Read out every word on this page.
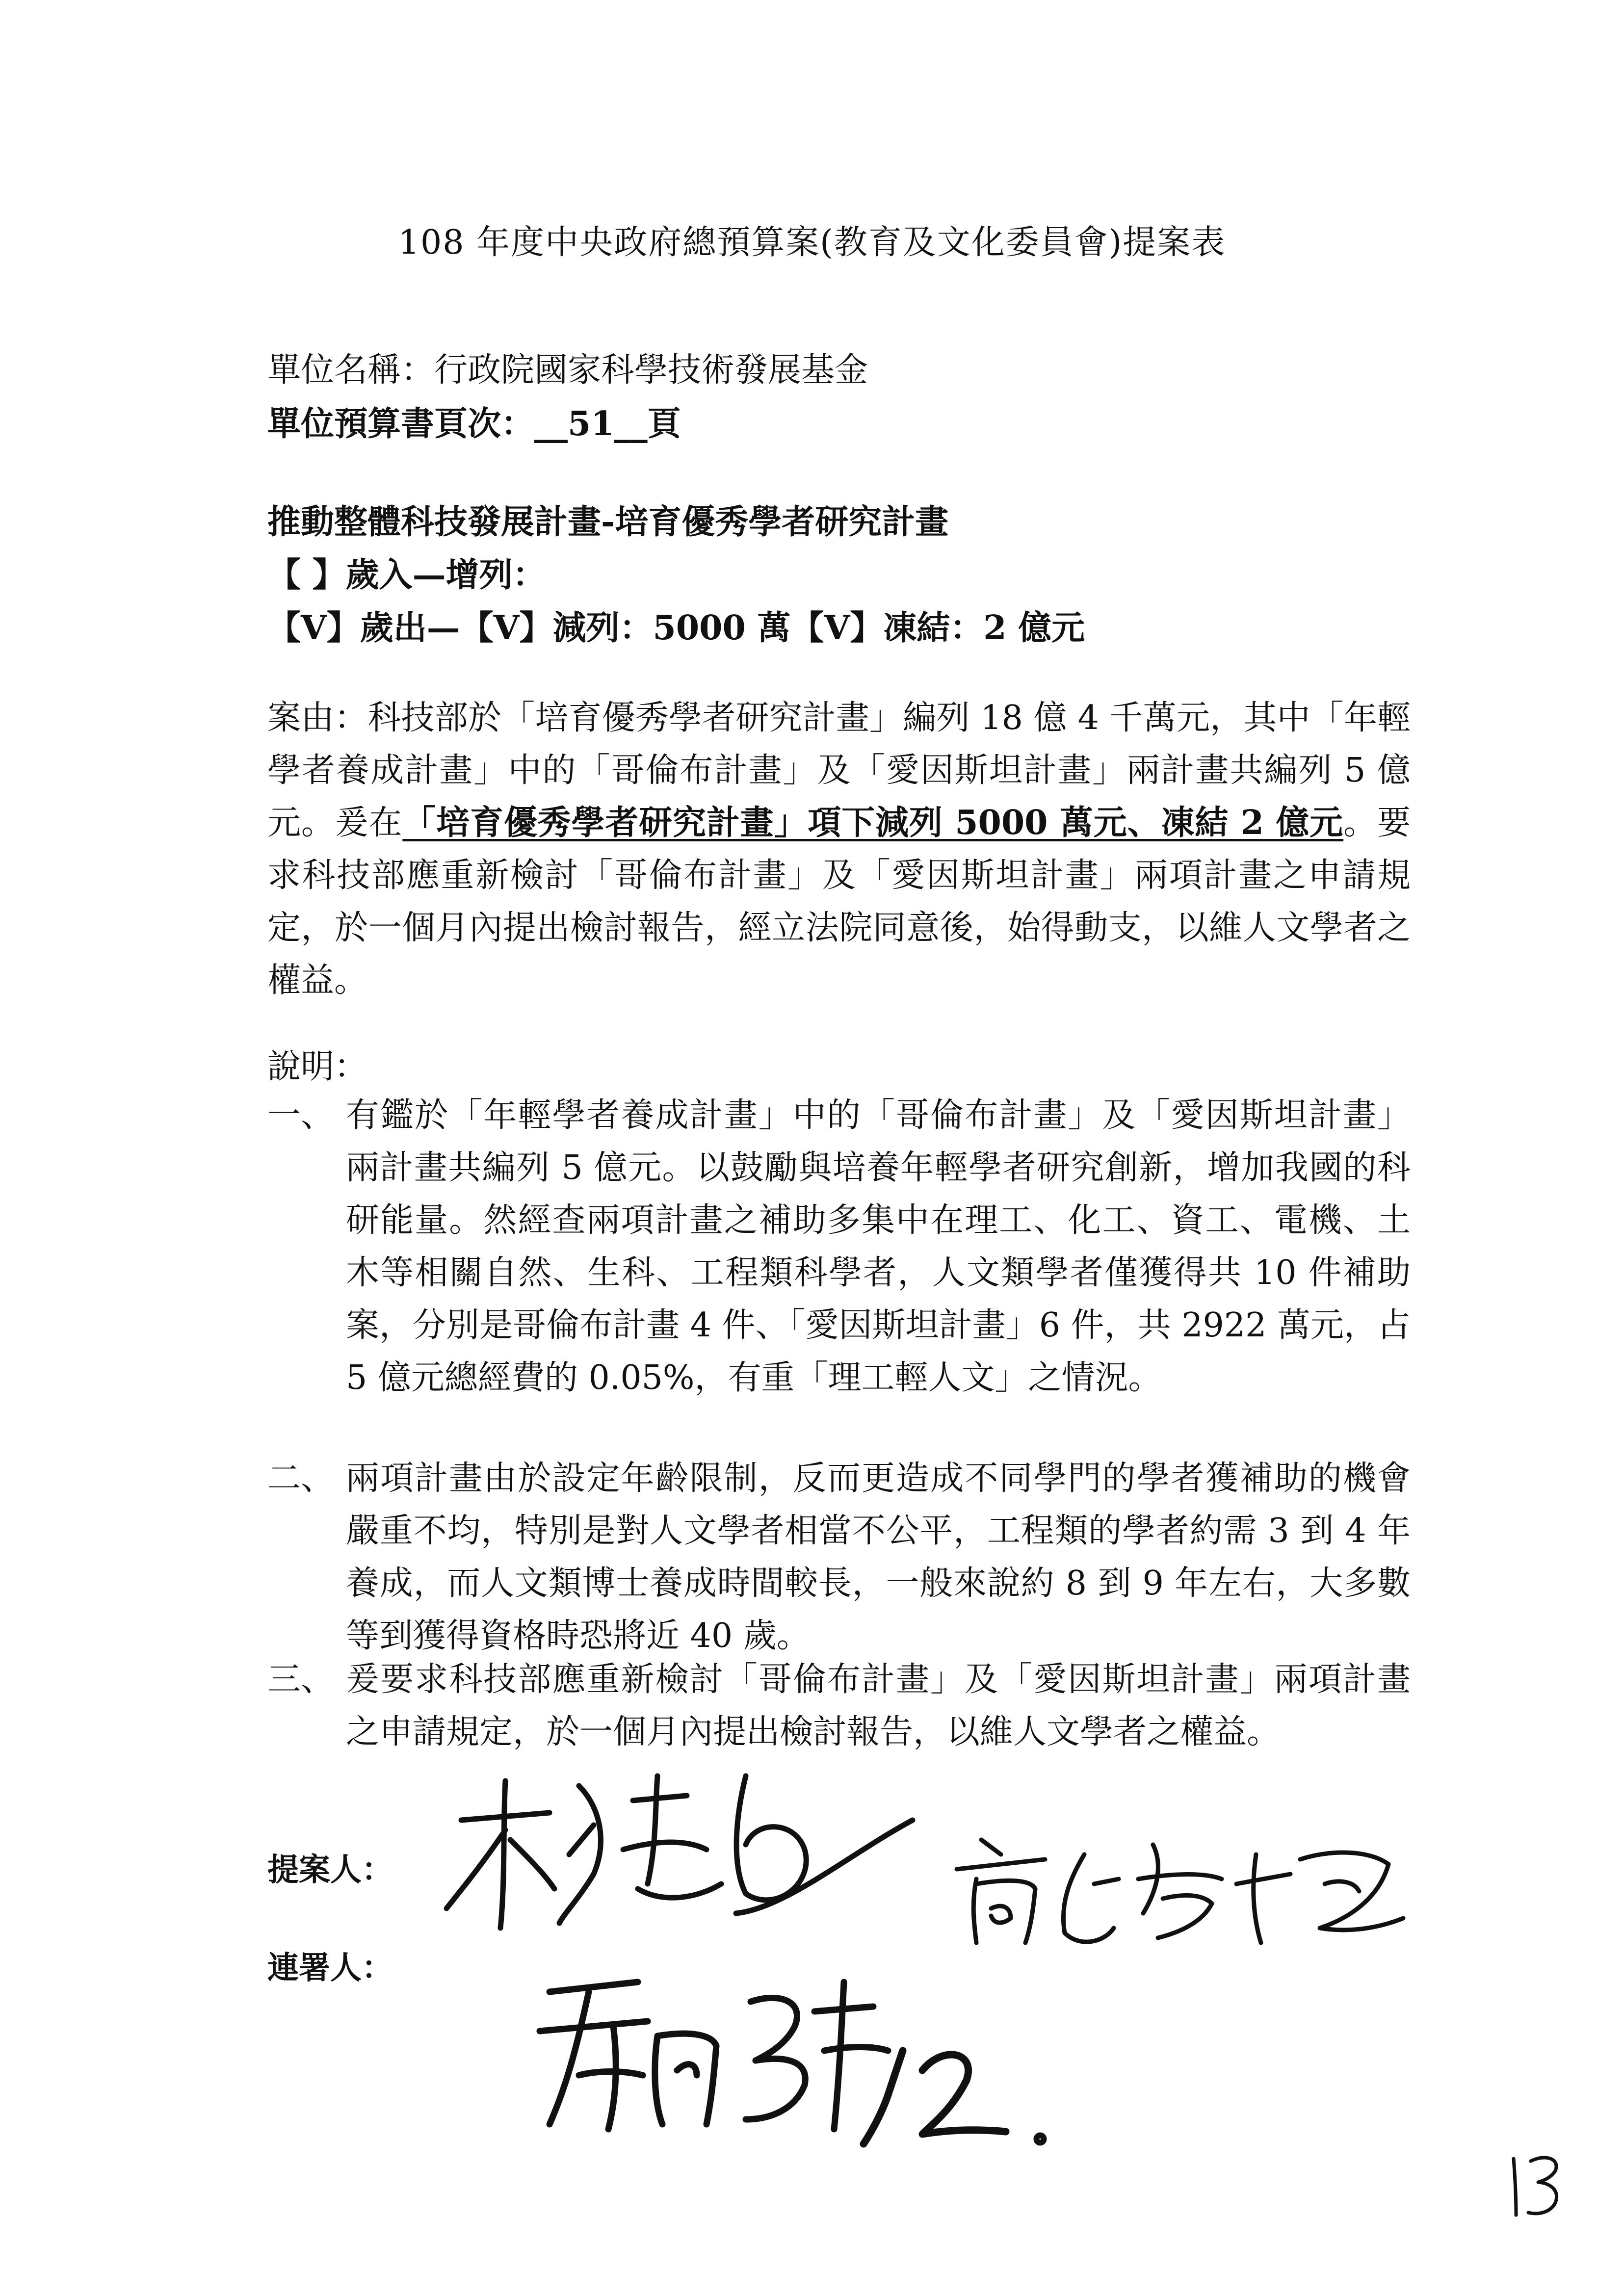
108 年度中央政府總預算案(教育及文化委員會)提案表
單位名稱：行政院國家科學技術發展基金
單位預算書頁次：__51__頁
推動整體科技發展計畫-培育優秀學者研究計畫
【 】歲入—增列：
【V】歲出—【V】減列：5000 萬【V】凍結：2 億元

案由：科技部於「培育優秀學者研究計畫」編列 18 億 4 千萬元，其中「年輕學者養成計畫」中的「哥倫布計畫」及「愛因斯坦計畫」兩計畫共編列 5 億元。爰在「培育優秀學者研究計畫」項下減列 5000 萬元、凍結 2 億元。要求科技部應重新檢討「哥倫布計畫」及「愛因斯坦計畫」兩項計畫之申請規定，於一個月內提出檢討報告，經立法院同意後，始得動支，以維人文學者之權益。

說明：
一、 有鑑於「年輕學者養成計畫」中的「哥倫布計畫」及「愛因斯坦計畫」兩計畫共編列 5 億元。以鼓勵與培養年輕學者研究創新，增加我國的科研能量。然經查兩項計畫之補助多集中在理工、化工、資工、電機、土木等相關自然、生科、工程類科學者，人文類學者僅獲得共 10 件補助案，分別是哥倫布計畫 4 件、「愛因斯坦計畫」6 件，共 2922 萬元，占 5 億元總經費的 0.05%，有重「理工輕人文」之情況。
二、 兩項計畫由於設定年齡限制，反而更造成不同學門的學者獲補助的機會嚴重不均，特別是對人文學者相當不公平，工程類的學者約需 3 到 4 年養成，而人文類博士養成時間較長，一般來說約 8 到 9 年左右，大多數等到獲得資格時恐將近 40 歲。
三、 爰要求科技部應重新檢討「哥倫布計畫」及「愛因斯坦計畫」兩項計畫之申請規定，於一個月內提出檢討報告，以維人文學者之權益。
提案人：
連署人：
